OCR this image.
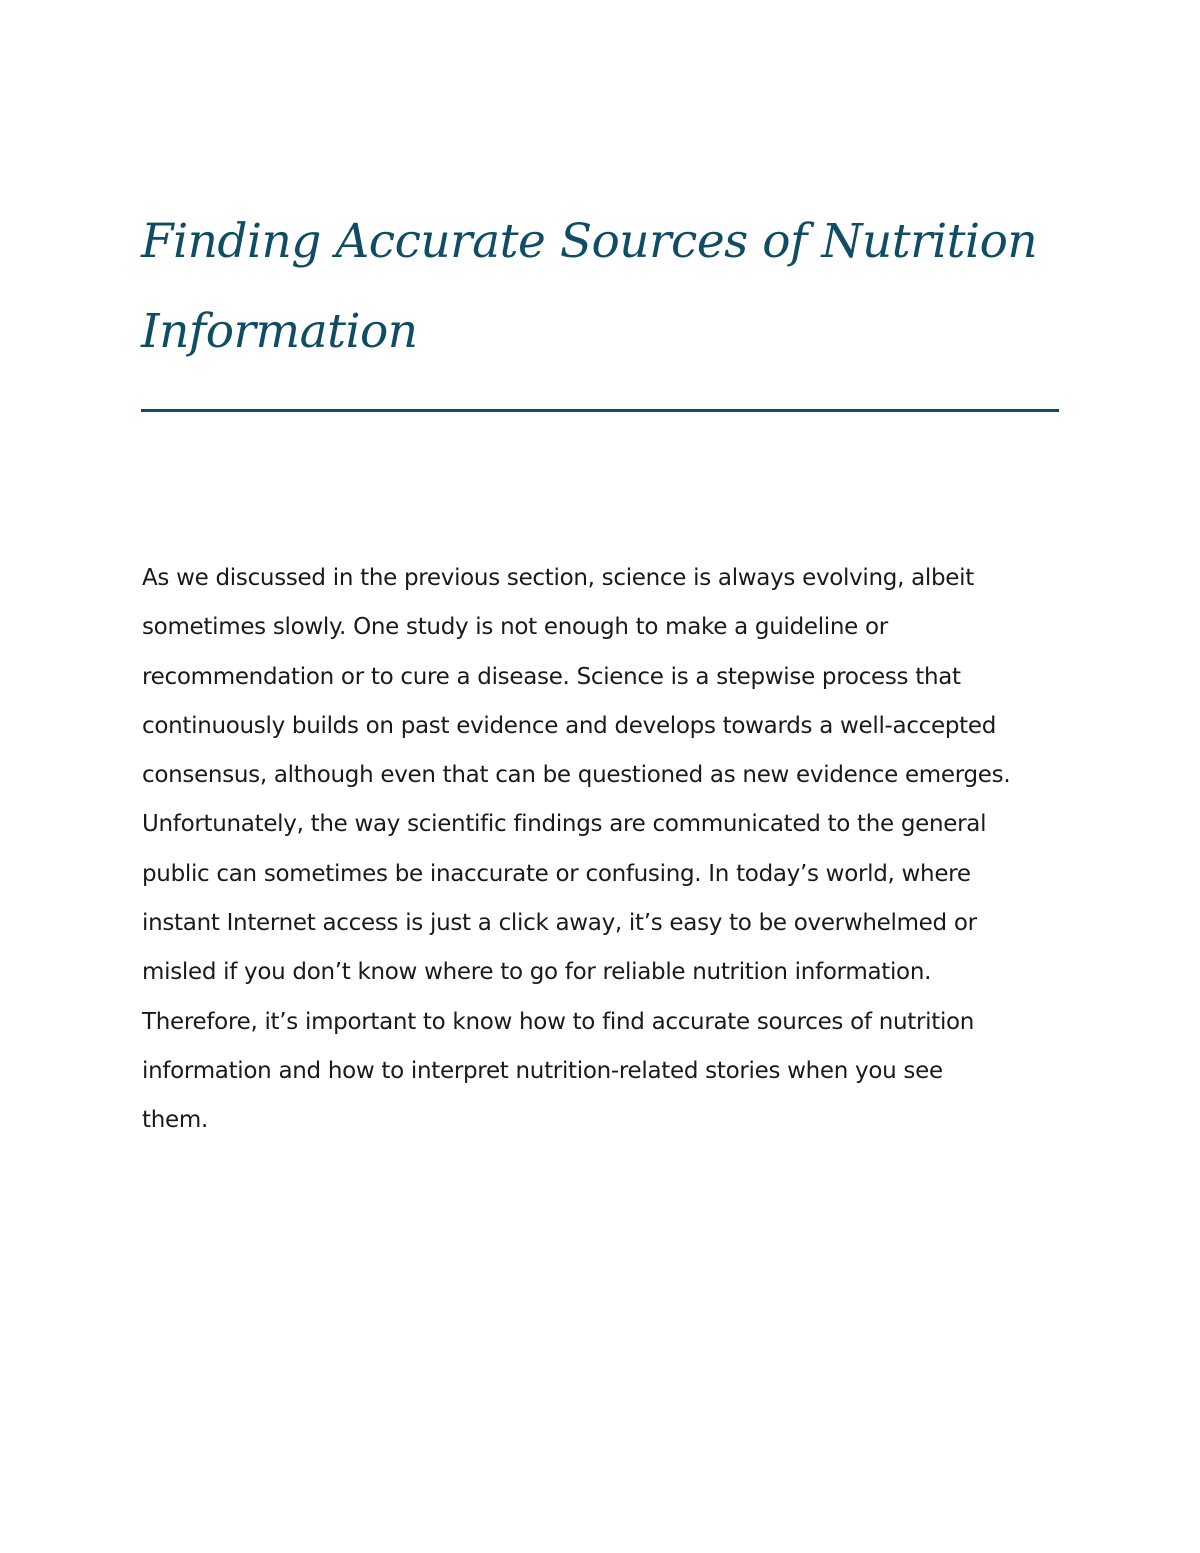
Finding Accurate Sources of Nutrition
Information

As we discussed in the previous section, science is always evolving, albeit
sometimes slowly. One study is not enough to make a guideline or
recommendation or to cure a disease. Science is a stepwise process that
continuously builds on past evidence and develops towards a well-accepted
consensus, although even that can be questioned as new evidence emerges.
Unfortunately, the way scientific findings are communicated to the general
public can sometimes be inaccurate or confusing. In today’s world, where
instant Internet access is just a click away, it’s easy to be overwhelmed or
misled if you don’t know where to go for reliable nutrition information.
Therefore, it’s important to know how to find accurate sources of nutrition
information and how to interpret nutrition-related stories when you see
them.
